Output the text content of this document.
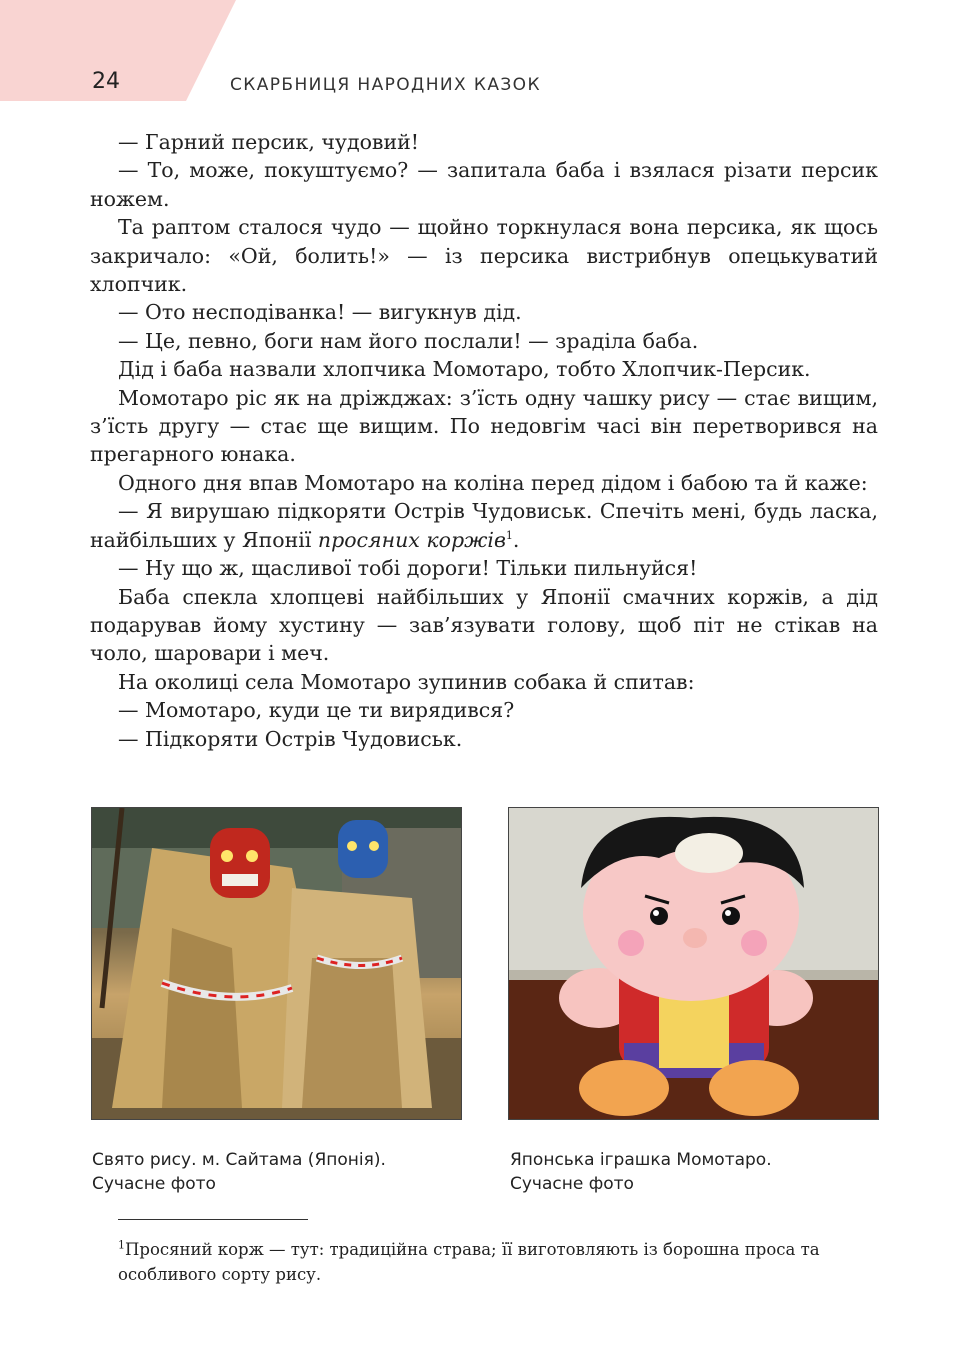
24	СКАРБНИЦЯ НАРОДНИХ КАЗОК

— Гарний персик, чудовий!

— То, може, покуштуємо? — запитала баба і взялася різати персик ножем.

Та раптом сталося чудо — щойно торкнулася вона персика, як щось закричало: «Ой, болить!» — із персика вистрибнув опецькуватий хлопчик.

— Ото несподіванка! — вигукнув дід.

— Це, певно, боги нам його послали! — зраділа баба.

Дід і баба назвали хлопчика Момотаро, тобто Хлопчик-Персик.

Момотаро ріс як на дріжджах: з’їсть одну чашку рису — стає вищим, з’їсть другу — стає ще вищим. По недовгім часі він перетворився на прегарного юнака.

Одного дня впав Момотаро на коліна перед дідом і бабою та й каже:

— Я вирушаю підкоряти Острів Чудовиськ. Спечіть мені, будь ласка, найбільших у Японії просяних коржів$^1$.

— Ну що ж, щасливої тобі дороги! Тільки пильнуйся!

Баба спекла хлопцеві найбільших у Японії смачних коржів, а дід подарував йому хустину — зав’язувати голову, щоб піт не стікав на чоло, шаровари і меч.

На околиці села Момотаро зупинив собака й спитав:

— Момотаро, куди це ти вирядився?

— Підкоряти Острів Чудовиськ.

Свято рису. м. Сайтама (Японія).
Сучасне фото
Японська іграшка Момотаро.
Сучасне фото
$^1$Просяний корж — тут: традиційна страва; її виготовляють із борошна проса та особливого сорту рису.
